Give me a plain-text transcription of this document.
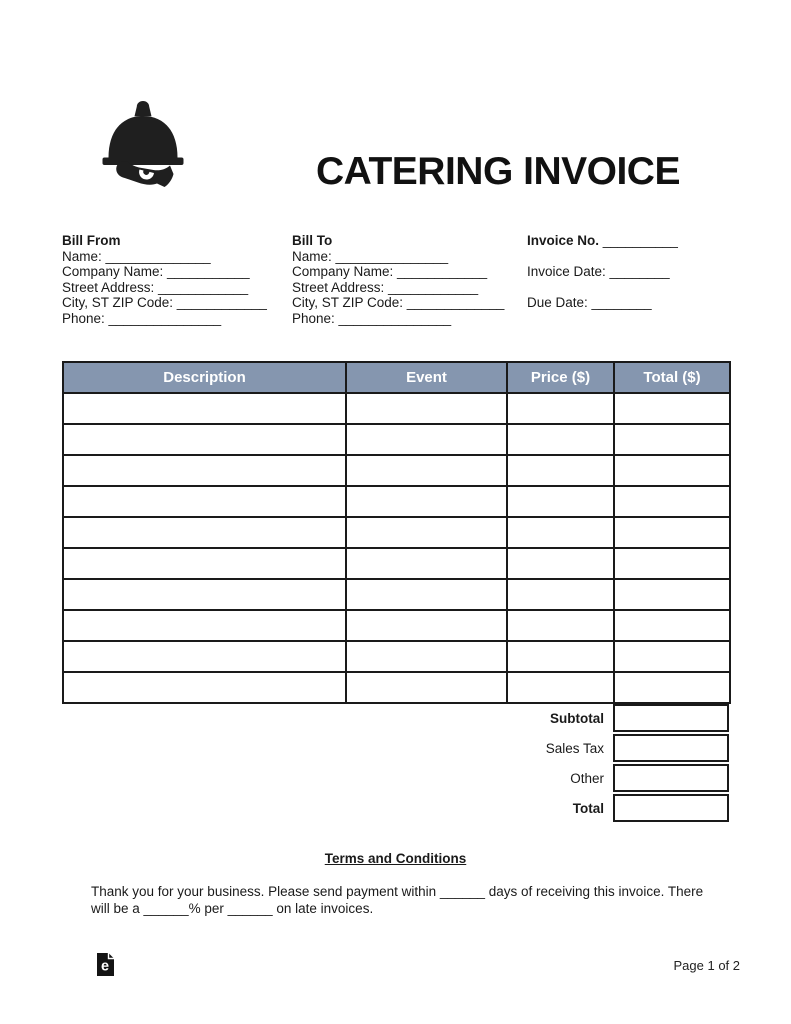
CATERING INVOICE
Bill From
Name: ______________
Company Name: ___________
Street Address: ____________
City, ST ZIP Code: ____________
Phone: _______________
Bill To
Name: _______________
Company Name: ____________
Street Address: ____________
City, ST ZIP Code: _____________
Phone: _______________
Invoice No. __________
Invoice Date: ________
Due Date: ________
Description	Event	Price ($)	Total ($)

Subtotal
Sales Tax
Other
Total
Terms and Conditions
Thank you for your business. Please send payment within ______ days of receiving this invoice. There
will be a ______% per ______ on late invoices.
e	Page 1 of 2
